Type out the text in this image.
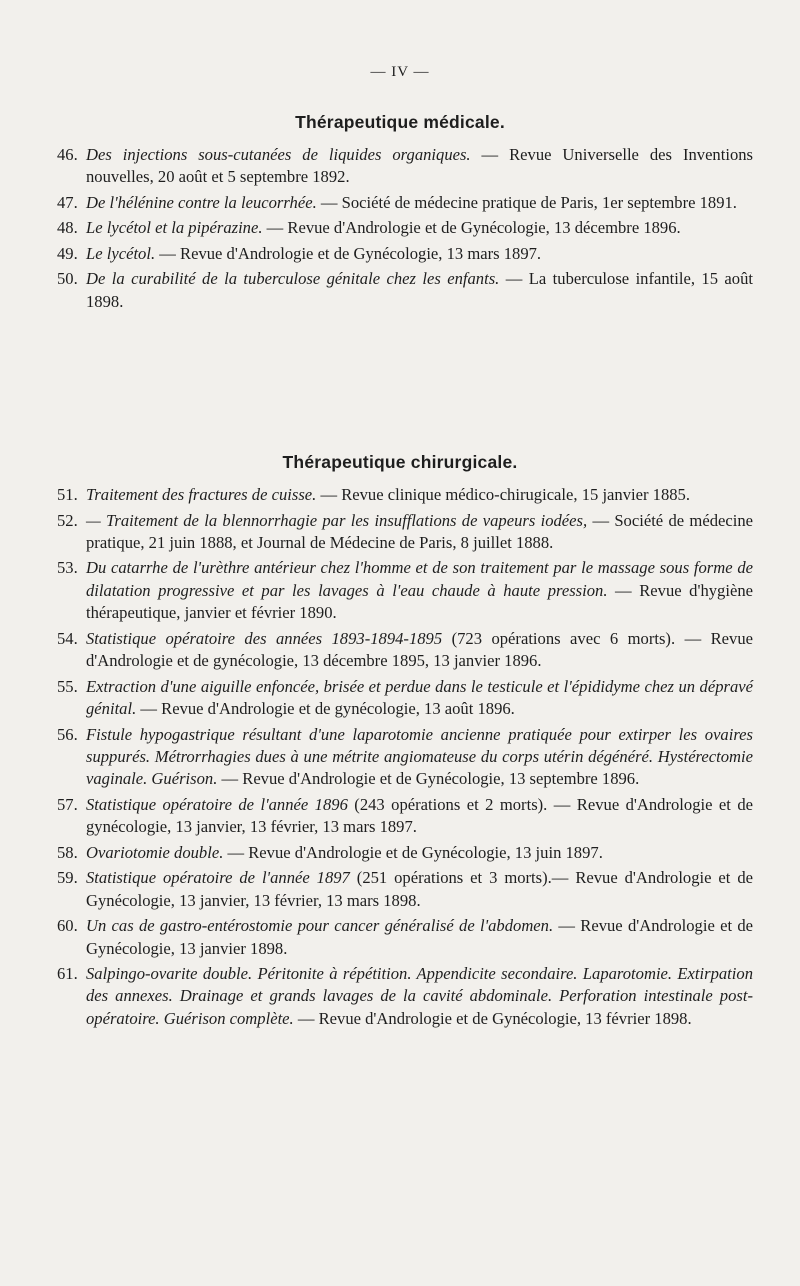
— IV —
Thérapeutique médicale.
46. Des injections sous-cutanées de liquides organiques. — Revue Universelle des Inventions nouvelles, 20 août et 5 septembre 1892.
47. De l'hélénine contre la leucorrhée. — Société de médecine pratique de Paris, 1er septembre 1891.
48. Le lycétol et la pipérazine. — Revue d'Andrologie et de Gynécologie, 13 décembre 1896.
49. Le lycétol. — Revue d'Andrologie et de Gynécologie, 13 mars 1897.
50. De la curabilité de la tuberculose génitale chez les enfants. — La tuberculose infantile, 15 août 1898.
Thérapeutique chirurgicale.
51. Traitement des fractures de cuisse. — Revue clinique médico-chirugicale, 15 janvier 1885.
52. — Traitement de la blennorrhagie par les insufflations de vapeurs iodées, — Société de médecine pratique, 21 juin 1888, et Journal de Médecine de Paris, 8 juillet 1888.
53. Du catarrhe de l'urèthre antérieur chez l'homme et de son traitement par le massage sous forme de dilatation progressive et par les lavages à l'eau chaude à haute pression. — Revue d'hygiène thérapeutique, janvier et février 1890.
54. Statistique opératoire des années 1893-1894-1895 (723 opérations avec 6 morts). — Revue d'Andrologie et de gynécologie, 13 décembre 1895, 13 janvier 1896.
55. Extraction d'une aiguille enfoncée, brisée et perdue dans le testicule et l'épididyme chez un dépravé génital. — Revue d'Andrologie et de gynécologie, 13 août 1896.
56. Fistule hypogastrique résultant d'une laparotomie ancienne pratiquée pour extirper les ovaires suppurés. Métrorrhagies dues à une métrite angiomateuse du corps utérin dégénéré. Hystérectomie vaginale. Guérison. — Revue d'Andrologie et de Gynécologie, 13 septembre 1896.
57. Statistique opératoire de l'année 1896 (243 opérations et 2 morts). — Revue d'Andrologie et de gynécologie, 13 janvier, 13 février, 13 mars 1897.
58. Ovariotomie double. — Revue d'Andrologie et de Gynécologie, 13 juin 1897.
59. Statistique opératoire de l'année 1897 (251 opérations et 3 morts).— Revue d'Andrologie et de Gynécologie, 13 janvier, 13 février, 13 mars 1898.
60. Un cas de gastro-entérostomie pour cancer généralisé de l'abdomen. — Revue d'Andrologie et de Gynécologie, 13 janvier 1898.
61. Salpingo-ovarite double. Péritonite à répétition. Appendicite secondaire. Laparotomie. Extirpation des annexes. Drainage et grands lavages de la cavité abdominale. Perforation intestinale post-opératoire. Guérison complète. — Revue d'Andrologie et de Gynécologie, 13 février 1898.
